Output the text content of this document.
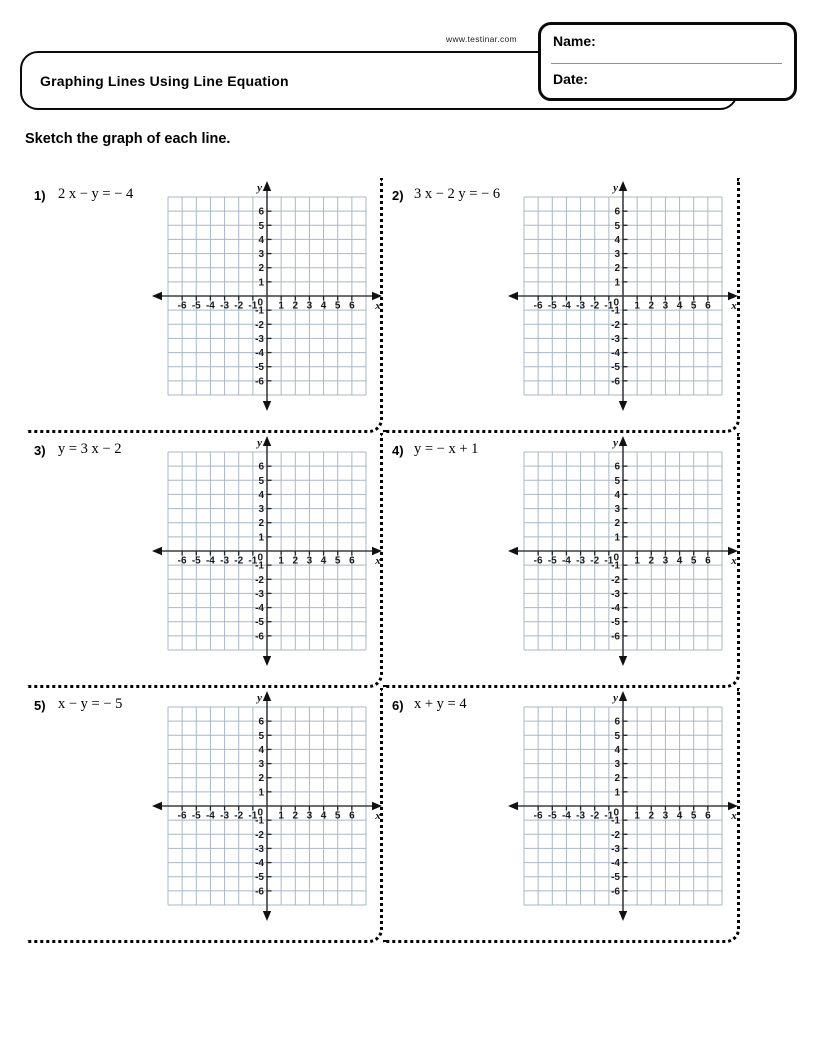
www.testinar.com
Graphing Lines Using Line Equation
Name:
Date:
Sketch the graph of each line.
1) 2 x − y = − 4
-6 -5 -4 -3 -2 -1 1 2 3 4 5 6
-6
-5
-4
-3
-2
-1
1
2
3
4
5
6
0
y
x
2) 3 x − 2 y = − 6
-6 -5 -4 -3 -2 -1 1 2 3 4 5 6
-6
-5
-4
-3
-2
-1
1
2
3
4
5
6
0
y
x
3) y = 3 x − 2
-6 -5 -4 -3 -2 -1 1 2 3 4 5 6
-6
-5
-4
-3
-2
-1
1
2
3
4
5
6
0
y
x
4) y = − x + 1
-6 -5 -4 -3 -2 -1 1 2 3 4 5 6
-6
-5
-4
-3
-2
-1
1
2
3
4
5
6
0
y
x
5) x − y = − 5
-6 -5 -4 -3 -2 -1 1 2 3 4 5 6
-6
-5
-4
-3
-2
-1
1
2
3
4
5
6
0
y
x
6) x + y = 4
-6 -5 -4 -3 -2 -1 1 2 3 4 5 6
-6
-5
-4
-3
-2
-1
1
2
3
4
5
6
0
y
x
